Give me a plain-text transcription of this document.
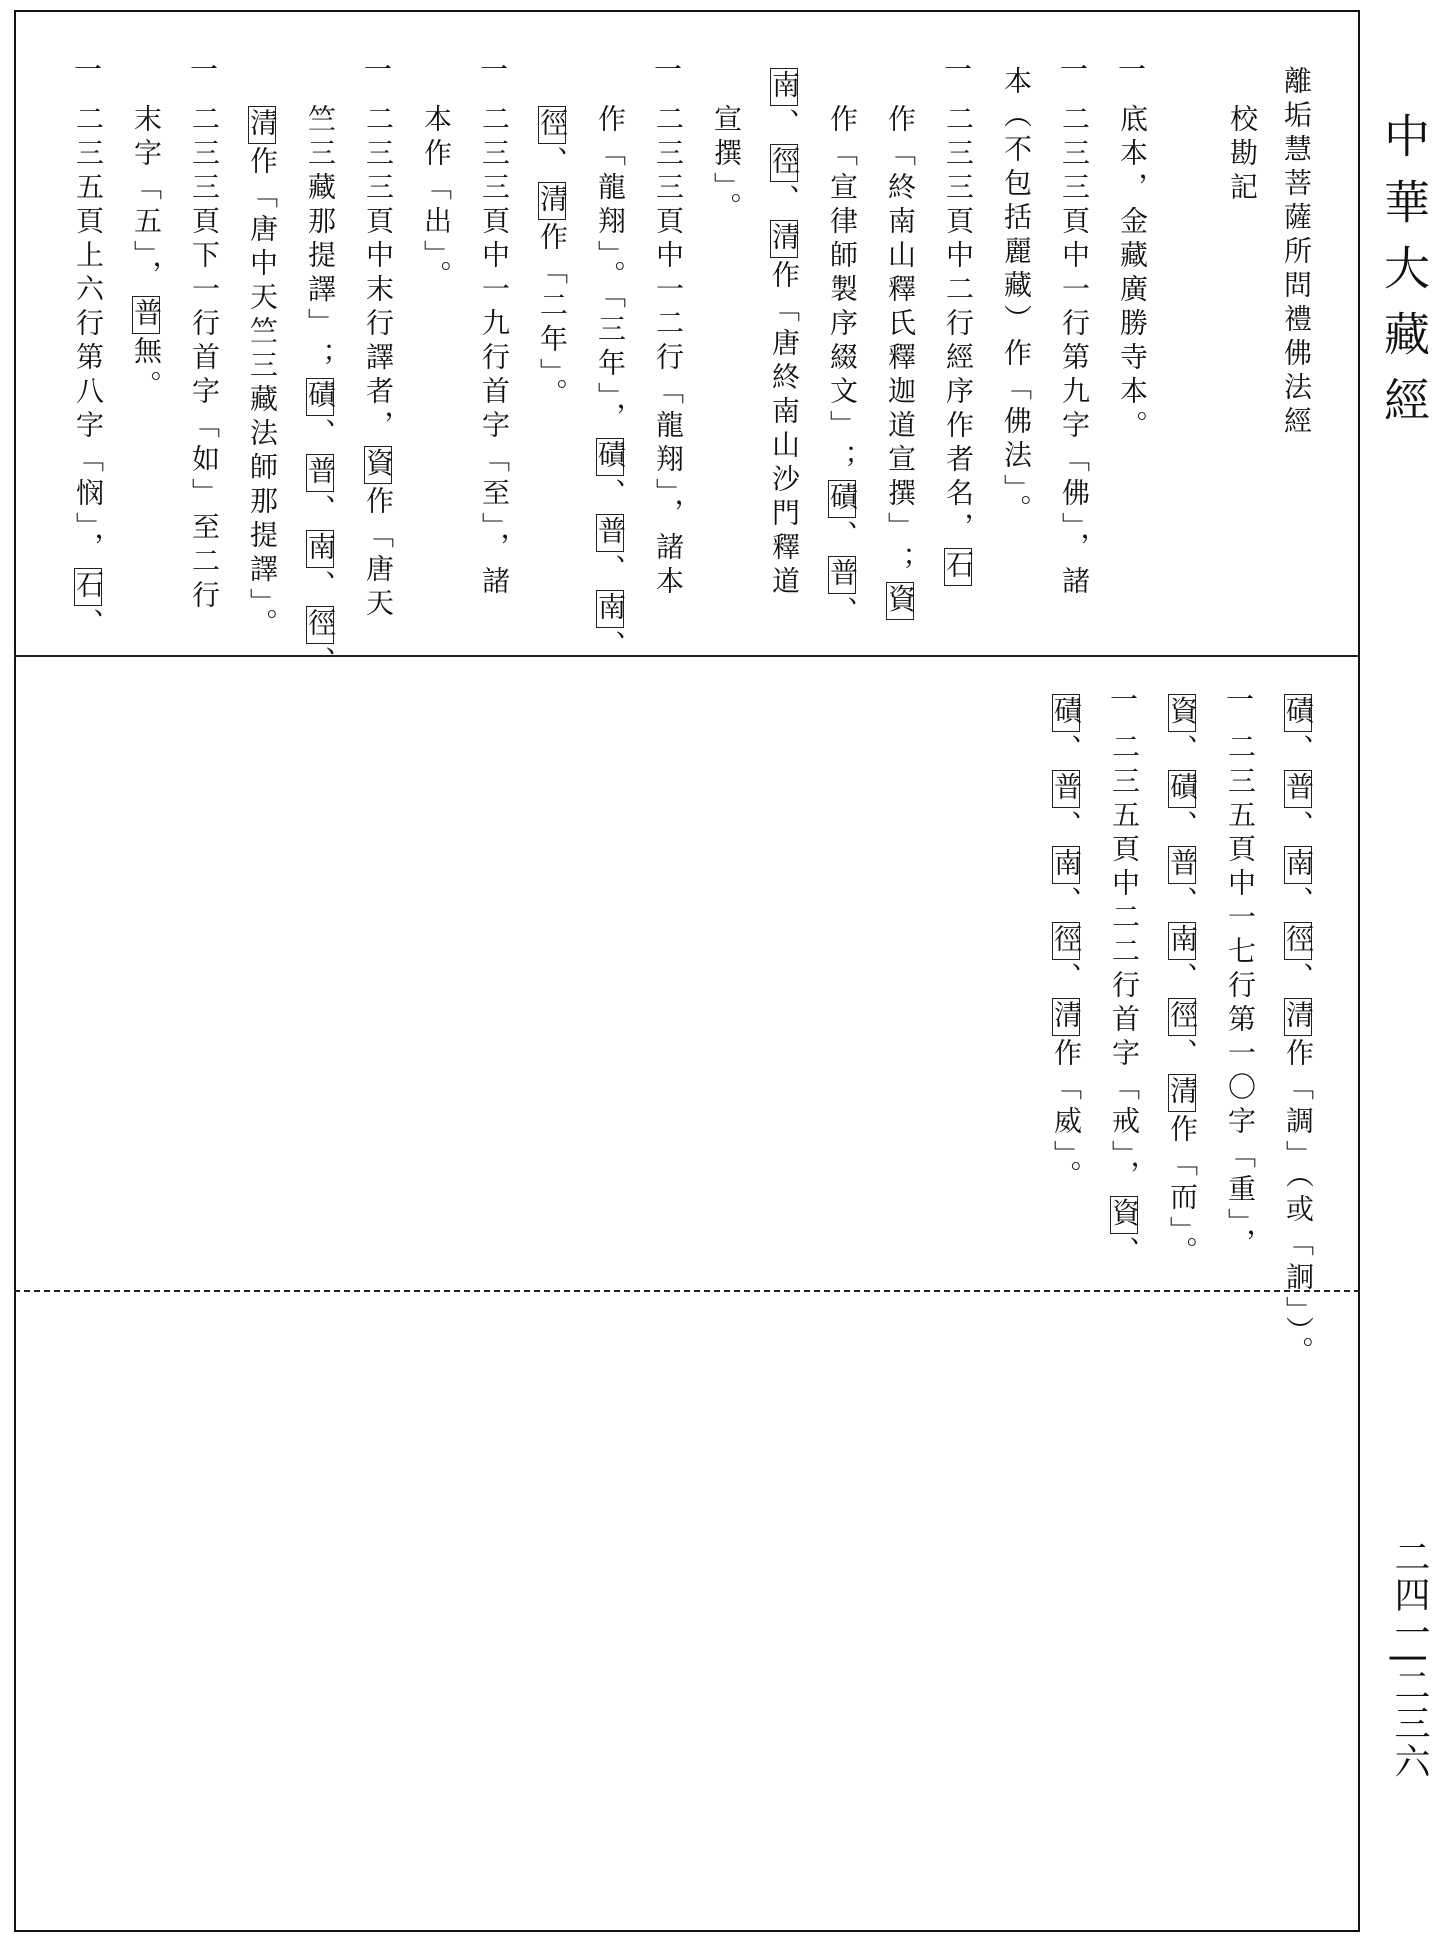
中華大藏經
二四一|二三六
離垢慧菩薩所問禮佛法經
校勘記
一
底本，金藏廣勝寺本。
一
二三三頁中一行第九字「佛」，諸
本（不包括麗藏）作「佛法」。
一
二三三頁中二行經序作者名，石
作「終南山釋氏釋迦道宣撰」；資
作「宣律師製序綴文」；磧、普、
南、徑、清作「唐終南山沙門釋道
宣撰」。
一
二三三頁中一二行「龍翔」，諸本
作「龍翔」。「三年」，磧、普、南、
徑、清作「二年」。
一
二三三頁中一九行首字「至」，諸
本作「出」。
一
二三三頁中末行譯者，資作「唐天
竺三藏那提譯」；磧、普、南、徑、
清作「唐中天竺三藏法師那提譯」。
一
二三三頁下一行首字「如」至二行
末字「五」，普無。
一
二三五頁上六行第八字「悯」，石、
磧、普、南、徑、清作「調」（或「詗」）。
一
二三五頁中一七行第一〇字「重」，
資、磧、普、南、徑、清作「而」。
一
二三五頁中二二行首字「戒」，資、
磧、普、南、徑、清作「威」。
